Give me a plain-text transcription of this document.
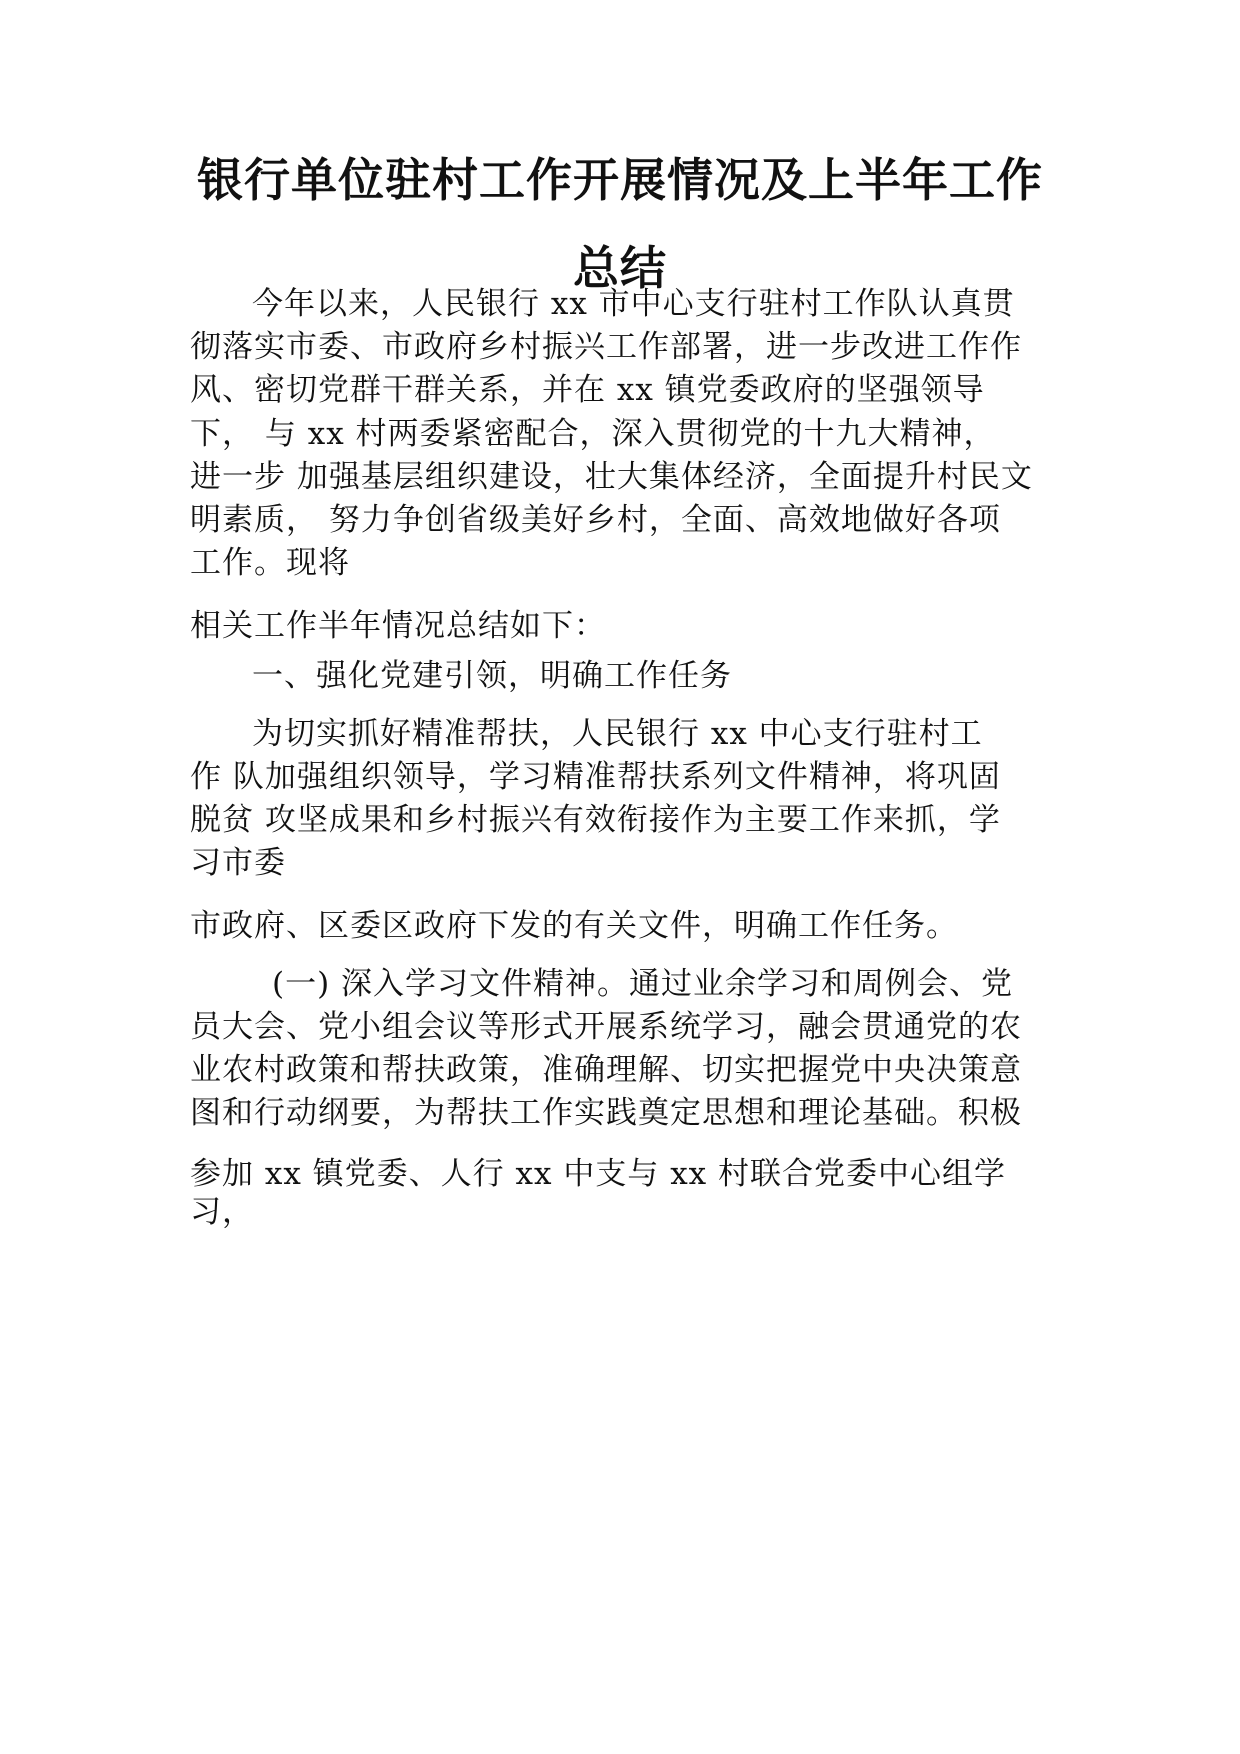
银行单位驻村工作开展情况及上半年工作
总结
今年以来，人民银行 xx 市中心支行驻村工作队认真贯
彻落实市委、市政府乡村振兴工作部署，进一步改进工作作
风、密切党群干群关系，并在 xx 镇党委政府的坚强领导
下， 与 xx 村两委紧密配合，深入贯彻党的十九大精神，
进一步 加强基层组织建设，壮大集体经济，全面提升村民文
明素质， 努力争创省级美好乡村，全面、高效地做好各项
工作。现将
相关工作半年情况总结如下：
一、强化党建引领，明确工作任务
为切实抓好精准帮扶，人民银行 xx 中心支行驻村工
作 队加强组织领导，学习精准帮扶系列文件精神，将巩固
脱贫 攻坚成果和乡村振兴有效衔接作为主要工作来抓，学
习市委
市政府、区委区政府下发的有关文件，明确工作任务。
(一) 深入学习文件精神。通过业余学习和周例会、党
员大会、党小组会议等形式开展系统学习，融会贯通党的农
业农村政策和帮扶政策，准确理解、切实把握党中央决策意
图和行动纲要，为帮扶工作实践奠定思想和理论基础。积极
参加 xx 镇党委、人行 xx 中支与 xx 村联合党委中心组学
习，
